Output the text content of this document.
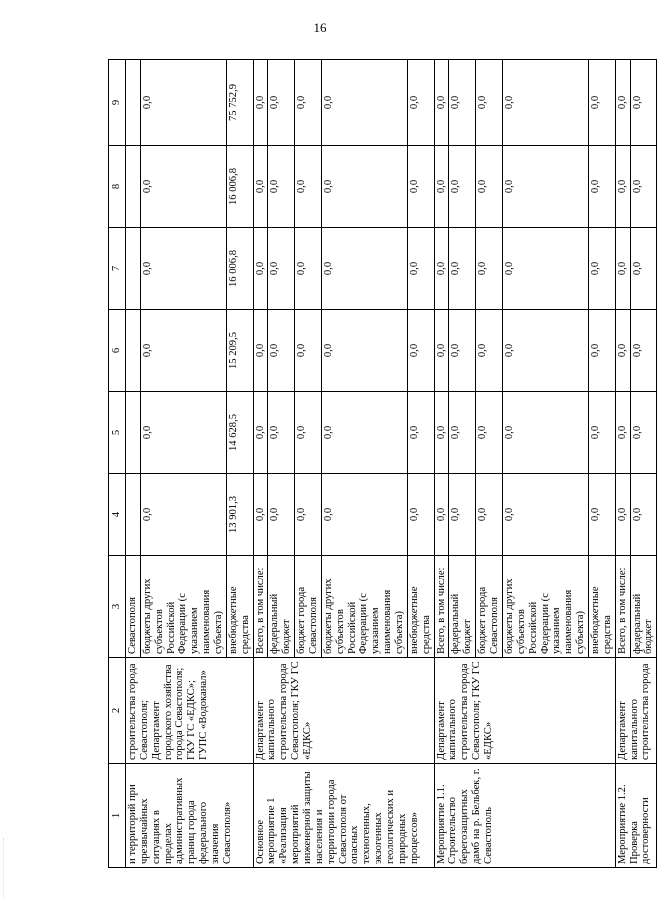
16
1	2	3	4	5	6	7	8	9
и территорий при чрезвычайных ситуациях в пределах административных границ города федерального значения Севастополя»	строительства города Севастополя; Департамент городского хозяйства города Севастополя; ГКУ ГС «ЕДКС»; ГУПС «Водоканал»	Севастополя						
		бюджеты других субъектов Российской Федерации (с указанием наименования субъекта)	0,0	0,0	0,0	0,0	0,0	0,0
		внебюджетные средства	13 901,3	14 628,5	15 209,5	16 006,8	16 006,8	75 752,9
Основное мероприятие 1 «Реализация мероприятий инженерной защиты населения и территории города Севастополя от опасных техногенных, экзогенных геологических и природных процессов»	Департамент капитального строительства города Севастополя; ГКУ ГС «ЕДКС»	Всего, в том числе:	0,0	0,0	0,0	0,0	0,0	0,0
		федеральный бюджет	0,0	0,0	0,0	0,0	0,0	0,0
		бюджет города Севастополя	0,0	0,0	0,0	0,0	0,0	0,0
		бюджеты других субъектов Российской Федерации (с указанием наименования субъекта)	0,0	0,0	0,0	0,0	0,0	0,0
		внебюджетные средства	0,0	0,0	0,0	0,0	0,0	0,0
Мероприятие 1.1. Строительство берегозащитных дамб на р. Бельбек, г. Севастополь	Департамент капитального строительства города Севастополя; ГКУ ГС «ЕДКС»	Всего, в том числе:	0,0	0,0	0,0	0,0	0,0	0,0
		федеральный бюджет	0,0	0,0	0,0	0,0	0,0	0,0
		бюджет города Севастополя	0,0	0,0	0,0	0,0	0,0	0,0
		бюджеты других субъектов Российской Федерации (с указанием наименования субъекта)	0,0	0,0	0,0	0,0	0,0	0,0
		внебюджетные средства	0,0	0,0	0,0	0,0	0,0	0,0
Мероприятие 1.2. Проверка достоверности	Департамент капитального строительства города	Всего, в том числе:	0,0	0,0	0,0	0,0	0,0	0,0
		федеральный бюджет	0,0	0,0	0,0	0,0	0,0	0,0
